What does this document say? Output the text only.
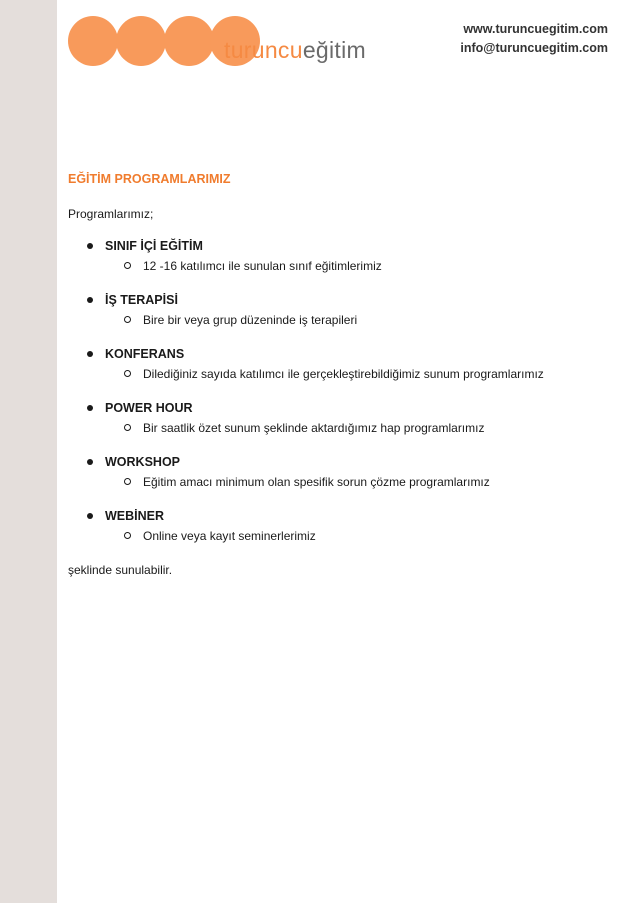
turuncueğitim
www.turuncuegitim.com
info@turuncuegitim.com
EĞİTİM PROGRAMLARIMIZ
Programlarımız;
SINIF İÇİ EĞİTİM
12 -16 katılımcı ile sunulan sınıf eğitimlerimiz
İŞ TERAPİSİ
Bire bir veya grup düzeninde iş terapileri
KONFERANS
Dilediğiniz sayıda katılımcı ile gerçekleştirebildiğimiz sunum programlarımız
POWER HOUR
Bir saatlik özet sunum şeklinde aktardığımız hap programlarımız
WORKSHOP
Eğitim amacı minimum olan spesifik sorun çözme programlarımız
WEBİNER
Online veya kayıt seminerlerimiz
şeklinde sunulabilir.
